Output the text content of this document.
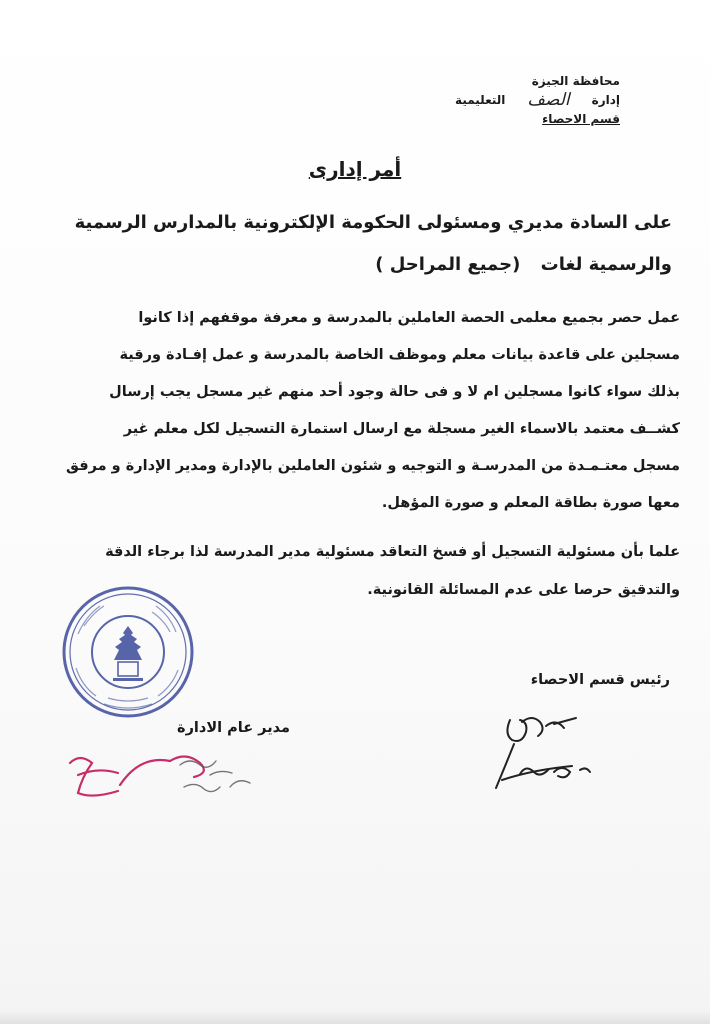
محافظة الجيزة
إدارة
الصف
التعليمية
قسم الاحصاء
أمر إدارى
على السادة مديري ومسئولى الحكومة الإلكترونية بالمدارس الرسمية
والرسمية لغات (جميع المراحل )
عمل حصر بجميع معلمى الحصة العاملين بالمدرسة و معرفة موقفهم إذا كانوا
مسجلين على قاعدة بيانات معلم وموظف الخاصة بالمدرسة و عمل إفـادة ورقية
بذلك سواء كانوا مسجلين ام لا و فى حالة وجود أحد منهم غير مسجل يجب إرسال
كشــف معتمد بالاسماء الغير مسجلة مع ارسال استمارة التسجيل لكل معلم غير
مسجل معتـمـدة من المدرسـة و التوجيه و شئون العاملين بالإدارة ومدير الإدارة و مرفق
معها صورة بطاقة المعلم و صورة المؤهل.
علما بأن مسئولية التسجيل أو فسخ التعاقد مسئولية مدير المدرسة لذا برجاء الدقة
والتدقيق حرصا على عدم المسائلة القانونية.
رئيس قسم الاحصاء
مدير عام الادارة
